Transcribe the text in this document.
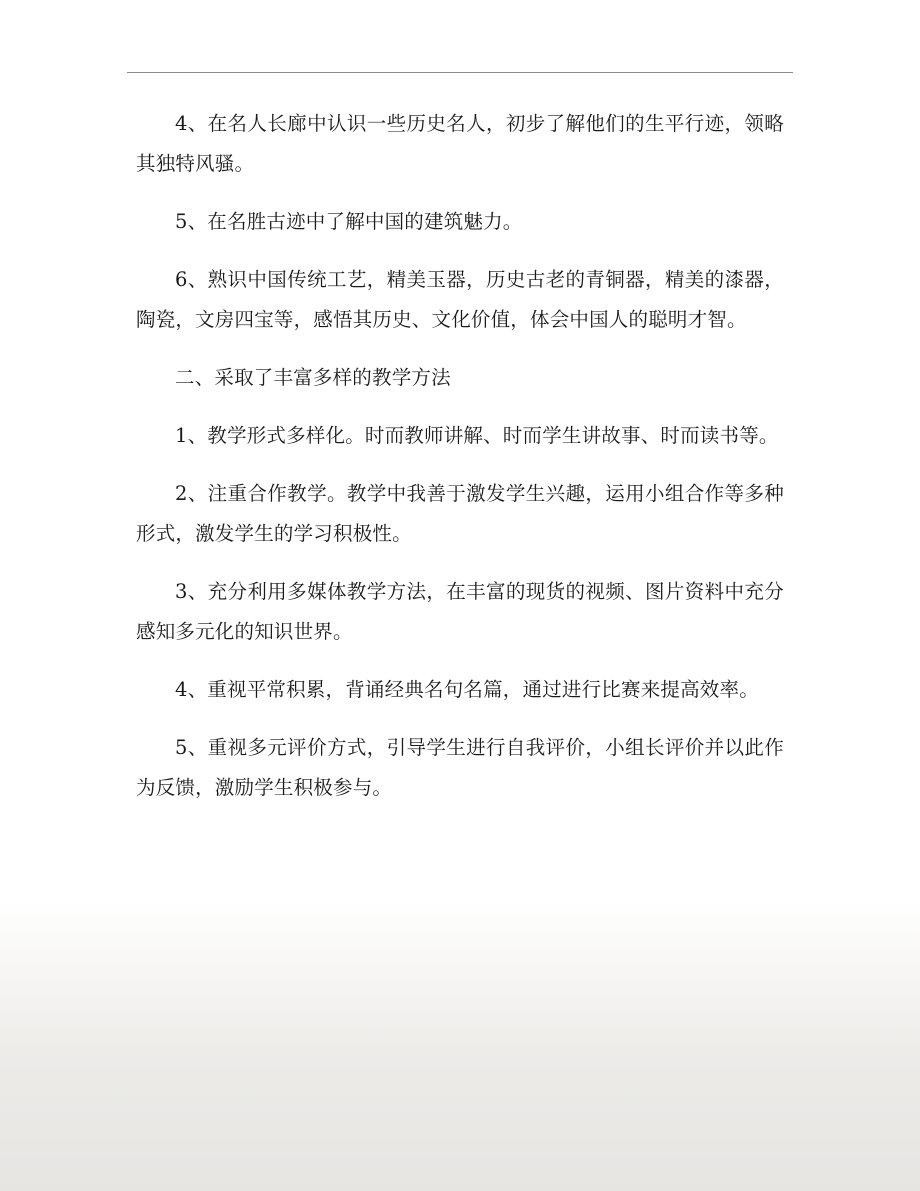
4、在名人长廊中认识一些历史名人，初步了解他们的生平行迹，领略其独特风骚。

5、在名胜古迹中了解中国的建筑魅力。

6、熟识中国传统工艺，精美玉器，历史古老的青铜器，精美的漆器，陶瓷，文房四宝等，感悟其历史、文化价值，体会中国人的聪明才智。

二、采取了丰富多样的教学方法

1、教学形式多样化。时而教师讲解、时而学生讲故事、时而读书等。

2、注重合作教学。教学中我善于激发学生兴趣，运用小组合作等多种形式，激发学生的学习积极性。

3、充分利用多媒体教学方法，在丰富的现货的视频、图片资料中充分感知多元化的知识世界。

4、重视平常积累，背诵经典名句名篇，通过进行比赛来提高效率。

5、重视多元评价方式，引导学生进行自我评价，小组长评价并以此作为反馈，激励学生积极参与。
